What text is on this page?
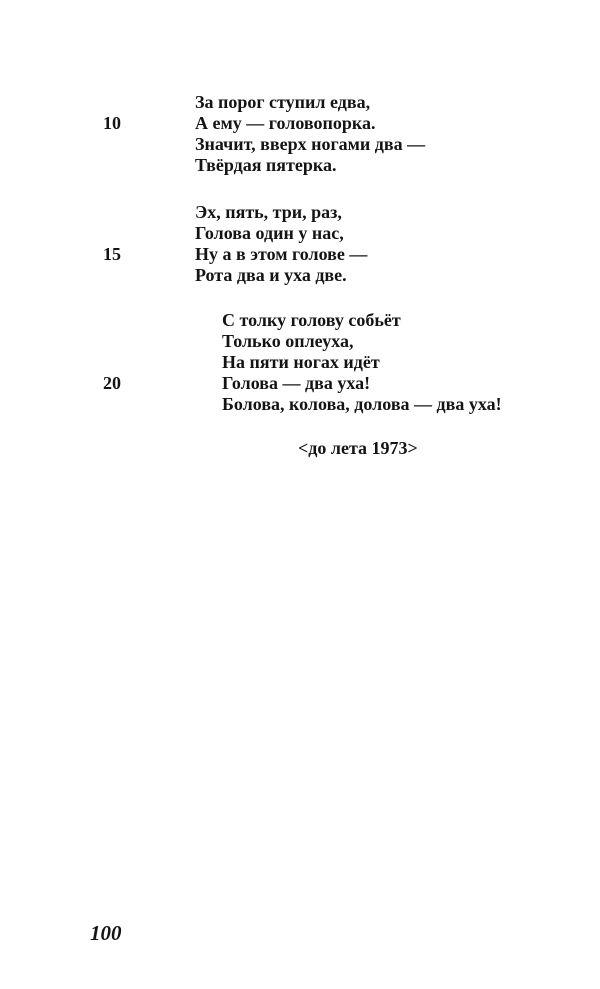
За порог ступил едва,
10	А ему — головопорка.
Значит, вверх ногами два —
Твёрдая пятерка.
Эх, пять, три, раз,
Голова один у нас,
15	Ну а в этом голове —
Рота два и уха две.
С толку голову собьёт
Только оплеуха,
На пяти ногах идёт
20	Голова — два уха!
Болова, колова, долова — два уха!
<до лета 1973>
100
